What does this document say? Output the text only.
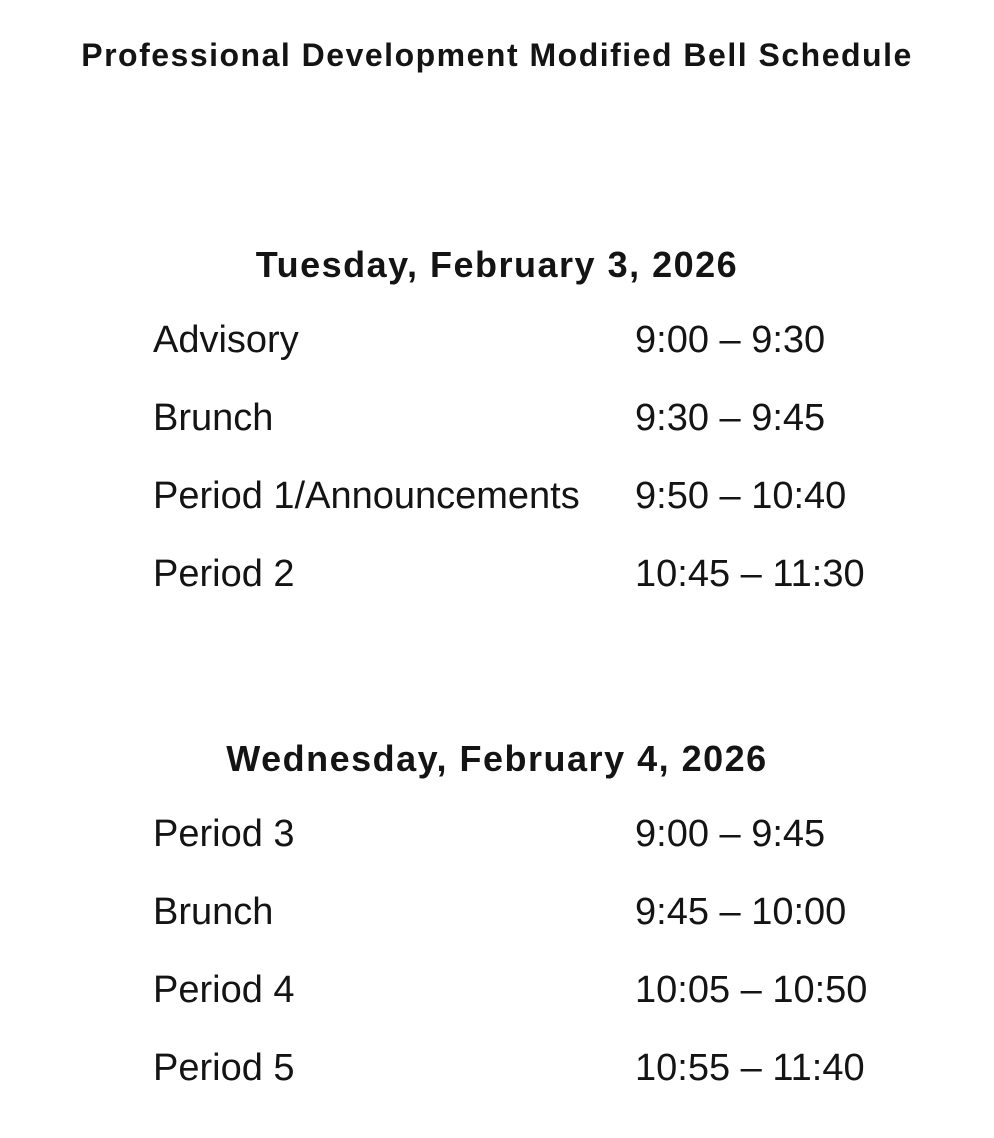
Professional Development Modified Bell Schedule
Tuesday, February 3, 2026
Advisory	9:00 – 9:30
Brunch	9:30 – 9:45
Period 1/Announcements	9:50 – 10:40
Period 2	10:45 – 11:30
Wednesday, February 4, 2026
Period 3	9:00 – 9:45
Brunch	9:45 – 10:00
Period 4	10:05 – 10:50
Period 5	10:55 – 11:40
